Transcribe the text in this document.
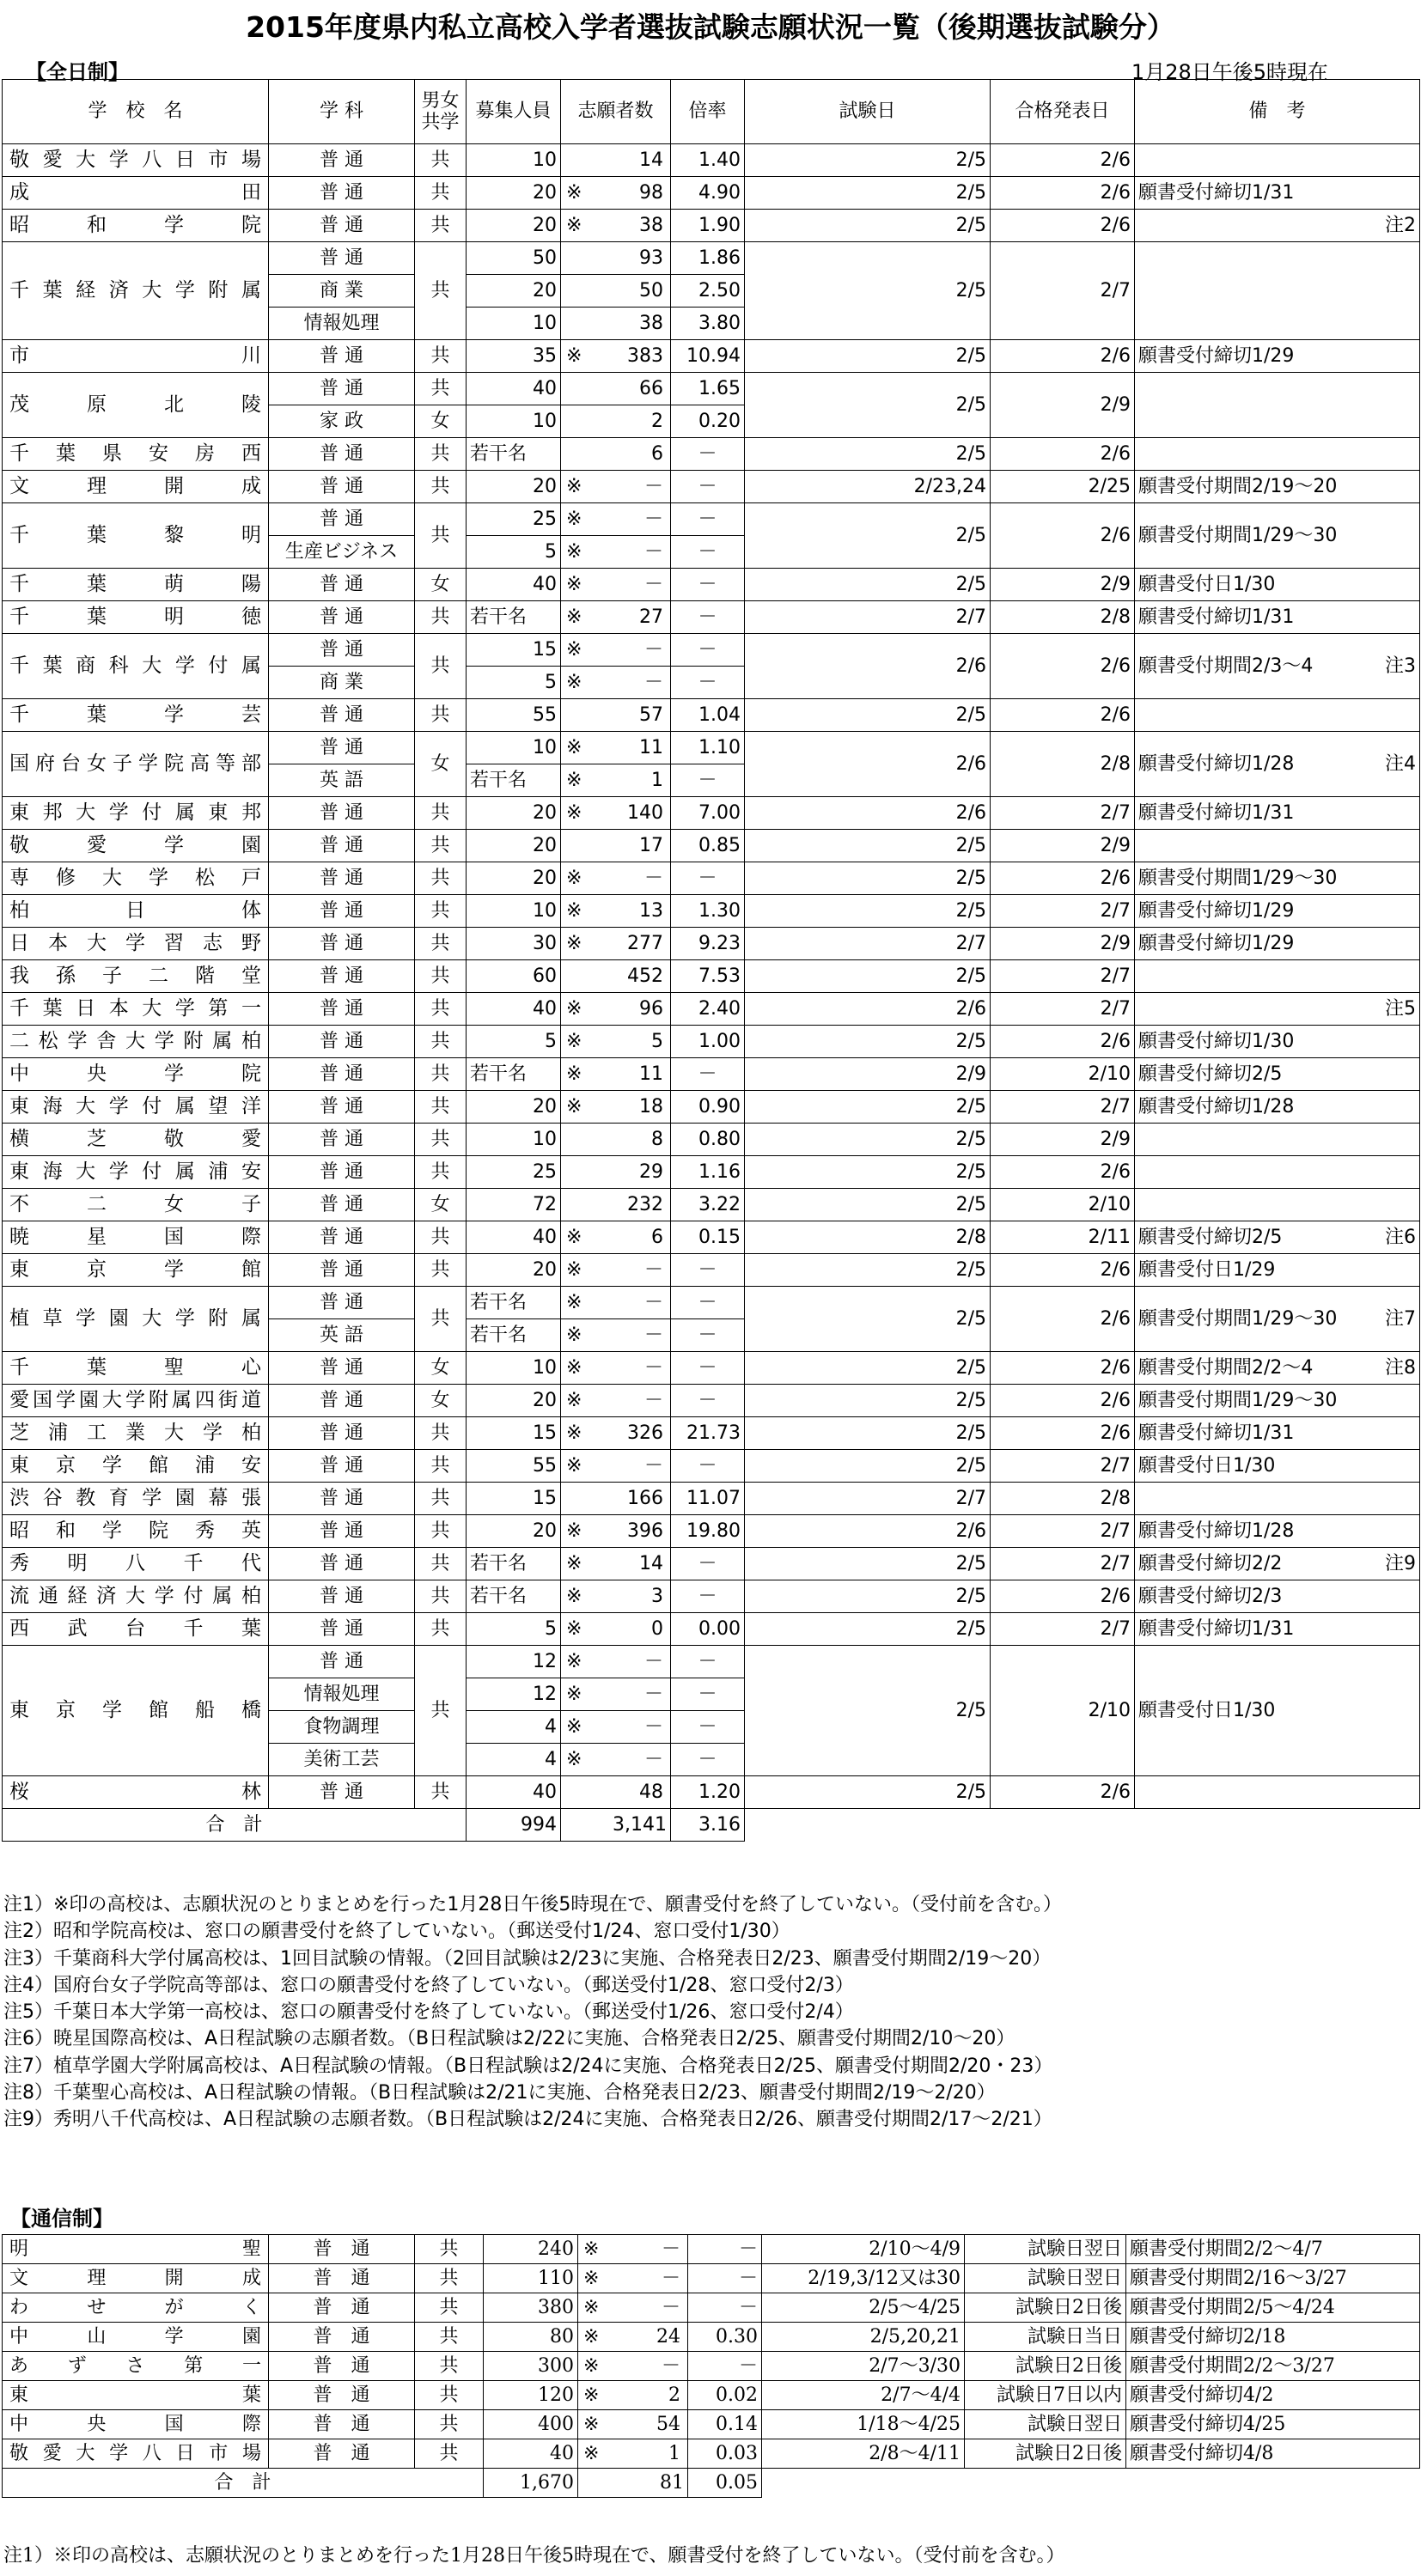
2015年度県内私立高校入学者選抜試験志願状況一覧（後期選抜試験分）
【全日制】	1月28日午後5時現在
学　校　名	学 科	男女共学	募集人員	志願者数		倍率	試験日	合格発表日	備　考
敬愛大学八日市場	普 通	共	10		14	1.40	2/5	2/6	

成田	普 通	共	20	※	98	4.90	2/5	2/6	願書受付締切1/31

昭和学院	普 通	共	20	※	38	1.90	2/5	2/6	注2

千葉経済大学附属	普 通	共	50		93	1.86	2/5	2/7	

	商 業		20		50	2.50			
	情報処理		10		38	3.80			
市川	普 通	共	35	※	383	10.94	2/5	2/6	願書受付締切1/29

茂原北陵	普 通	共	40		66	1.65	2/5	2/9	

	家 政	女	10		2	0.20			
千葉県安房西	普 通	共	若干名		6	－	2/5	2/6	

文理開成	普 通	共	20	※	－	－	2/23,24	2/25	願書受付期間2/19～20

千葉黎明	普 通	共	25	※	－	－	2/5	2/6	願書受付期間1/29～30

	生産ビジネス		5	※	－	－			
千葉萌陽	普 通	女	40	※	－	－	2/5	2/9	願書受付日1/30

千葉明徳	普 通	共	若干名	※	27	－	2/7	2/8	願書受付締切1/31

千葉商科大学付属	普 通	共	15	※	－	－	2/6	2/6	願書受付期間2/3～4 注3

	商 業		5	※	－	－			
千葉学芸	普 通	共	55		57	1.04	2/5	2/6	

国府台女子学院高等部	普 通	女	10	※	11	1.10	2/6	2/8	願書受付締切1/28 注4

	英 語		若干名	※	1	－			
東邦大学付属東邦	普 通	共	20	※	140	7.00	2/6	2/7	願書受付締切1/31

敬愛学園	普 通	共	20		17	0.85	2/5	2/9	

専修大学松戸	普 通	共	20	※	－	－	2/5	2/6	願書受付期間1/29～30

柏日体	普 通	共	10	※	13	1.30	2/5	2/7	願書受付締切1/29

日本大学習志野	普 通	共	30	※	277	9.23	2/7	2/9	願書受付締切1/29

我孫子二階堂	普 通	共	60		452	7.53	2/5	2/7	

千葉日本大学第一	普 通	共	40	※	96	2.40	2/6	2/7	注5

二松学舎大学附属柏	普 通	共	5	※	5	1.00	2/5	2/6	願書受付締切1/30

中央学院	普 通	共	若干名	※	11	－	2/9	2/10	願書受付締切2/5

東海大学付属望洋	普 通	共	20	※	18	0.90	2/5	2/7	願書受付締切1/28

横芝敬愛	普 通	共	10		8	0.80	2/5	2/9	

東海大学付属浦安	普 通	共	25		29	1.16	2/5	2/6	

不二女子	普 通	女	72		232	3.22	2/5	2/10	

暁星国際	普 通	共	40	※	6	0.15	2/8	2/11	願書受付締切2/5 注6

東京学館	普 通	共	20	※	－	－	2/5	2/6	願書受付日1/29

植草学園大学附属	普 通	共	若干名	※	－	－	2/5	2/6	願書受付期間1/29～30 注7

	英 語		若干名	※	－	－			
千葉聖心	普 通	女	10	※	－	－	2/5	2/6	願書受付期間2/2～4 注8

愛国学園大学附属四街道	普 通	女	20	※	－	－	2/5	2/6	願書受付期間1/29～30

芝浦工業大学柏	普 通	共	15	※	326	21.73	2/5	2/6	願書受付締切1/31

東京学館浦安	普 通	共	55	※	－	－	2/5	2/7	願書受付日1/30

渋谷教育学園幕張	普 通	共	15		166	11.07	2/7	2/8	

昭和学院秀英	普 通	共	20	※	396	19.80	2/6	2/7	願書受付締切1/28

秀明八千代	普 通	共	若干名	※	14	－	2/5	2/7	願書受付締切2/2 注9

流通経済大学付属柏	普 通	共	若干名	※	3	－	2/5	2/6	願書受付締切2/3

西武台千葉	普 通	共	5	※	0	0.00	2/5	2/7	願書受付締切1/31

東京学館船橋	普 通	共	12	※	－	－	2/5	2/10	願書受付日1/30

	情報処理		12	※	－	－			
	食物調理		4	※	－	－			
	美術工芸		4	※	－	－			
桜林	普 通	共	40		48	1.20	2/5	2/6	

合　計			994	3,141		3.16			
注1）※印の高校は、志願状況のとりまとめを行った1月28日午後5時現在で、願書受付を終了していない。（受付前を含む。）
注2）昭和学院高校は、窓口の願書受付を終了していない。（郵送受付1/24、窓口受付1/30）
注3）千葉商科大学付属高校は、1回目試験の情報。（2回目試験は2/23に実施、合格発表日2/23、願書受付期間2/19～20）
注4）国府台女子学院高等部は、窓口の願書受付を終了していない。（郵送受付1/28、窓口受付2/3）
注5）千葉日本大学第一高校は、窓口の願書受付を終了していない。（郵送受付1/26、窓口受付2/4）
注6）暁星国際高校は、A日程試験の志願者数。（B日程試験は2/22に実施、合格発表日2/25、願書受付期間2/10～20）
注7）植草学園大学附属高校は、A日程試験の情報。（B日程試験は2/24に実施、合格発表日2/25、願書受付期間2/20・23）
注8）千葉聖心高校は、A日程試験の情報。（B日程試験は2/21に実施、合格発表日2/23、願書受付期間2/19～2/20）
注9）秀明八千代高校は、A日程試験の志願者数。（B日程試験は2/24に実施、合格発表日2/26、願書受付期間2/17～2/21）
【通信制】
明聖	普　通	共	240	※	－	－	2/10～4/9	試験日翌日	願書受付期間2/2～4/7
文理開成	普　通	共	110	※	－	－	2/19,3/12又は30	試験日翌日	願書受付期間2/16～3/27
わせがく	普　通	共	380	※	－	－	2/5～4/25	試験日2日後	願書受付期間2/5～4/24
中山学園	普　通	共	80	※	24	0.30	2/5,20,21	試験日当日	願書受付締切2/18
あずさ第一	普　通	共	300	※	－	－	2/7～3/30	試験日2日後	願書受付期間2/2～3/27
東葉	普　通	共	120	※	2	0.02	2/7～4/4	試験日7日以内	願書受付締切4/2
中央国際	普　通	共	400	※	54	0.14	1/18～4/25	試験日翌日	願書受付締切4/25
敬愛大学八日市場	普　通	共	40	※	1	0.03	2/8～4/11	試験日2日後	願書受付締切4/8
合　計			1,670	81		0.05			
注1）※印の高校は、志願状況のとりまとめを行った1月28日午後5時現在で、願書受付を終了していない。（受付前を含む。）
